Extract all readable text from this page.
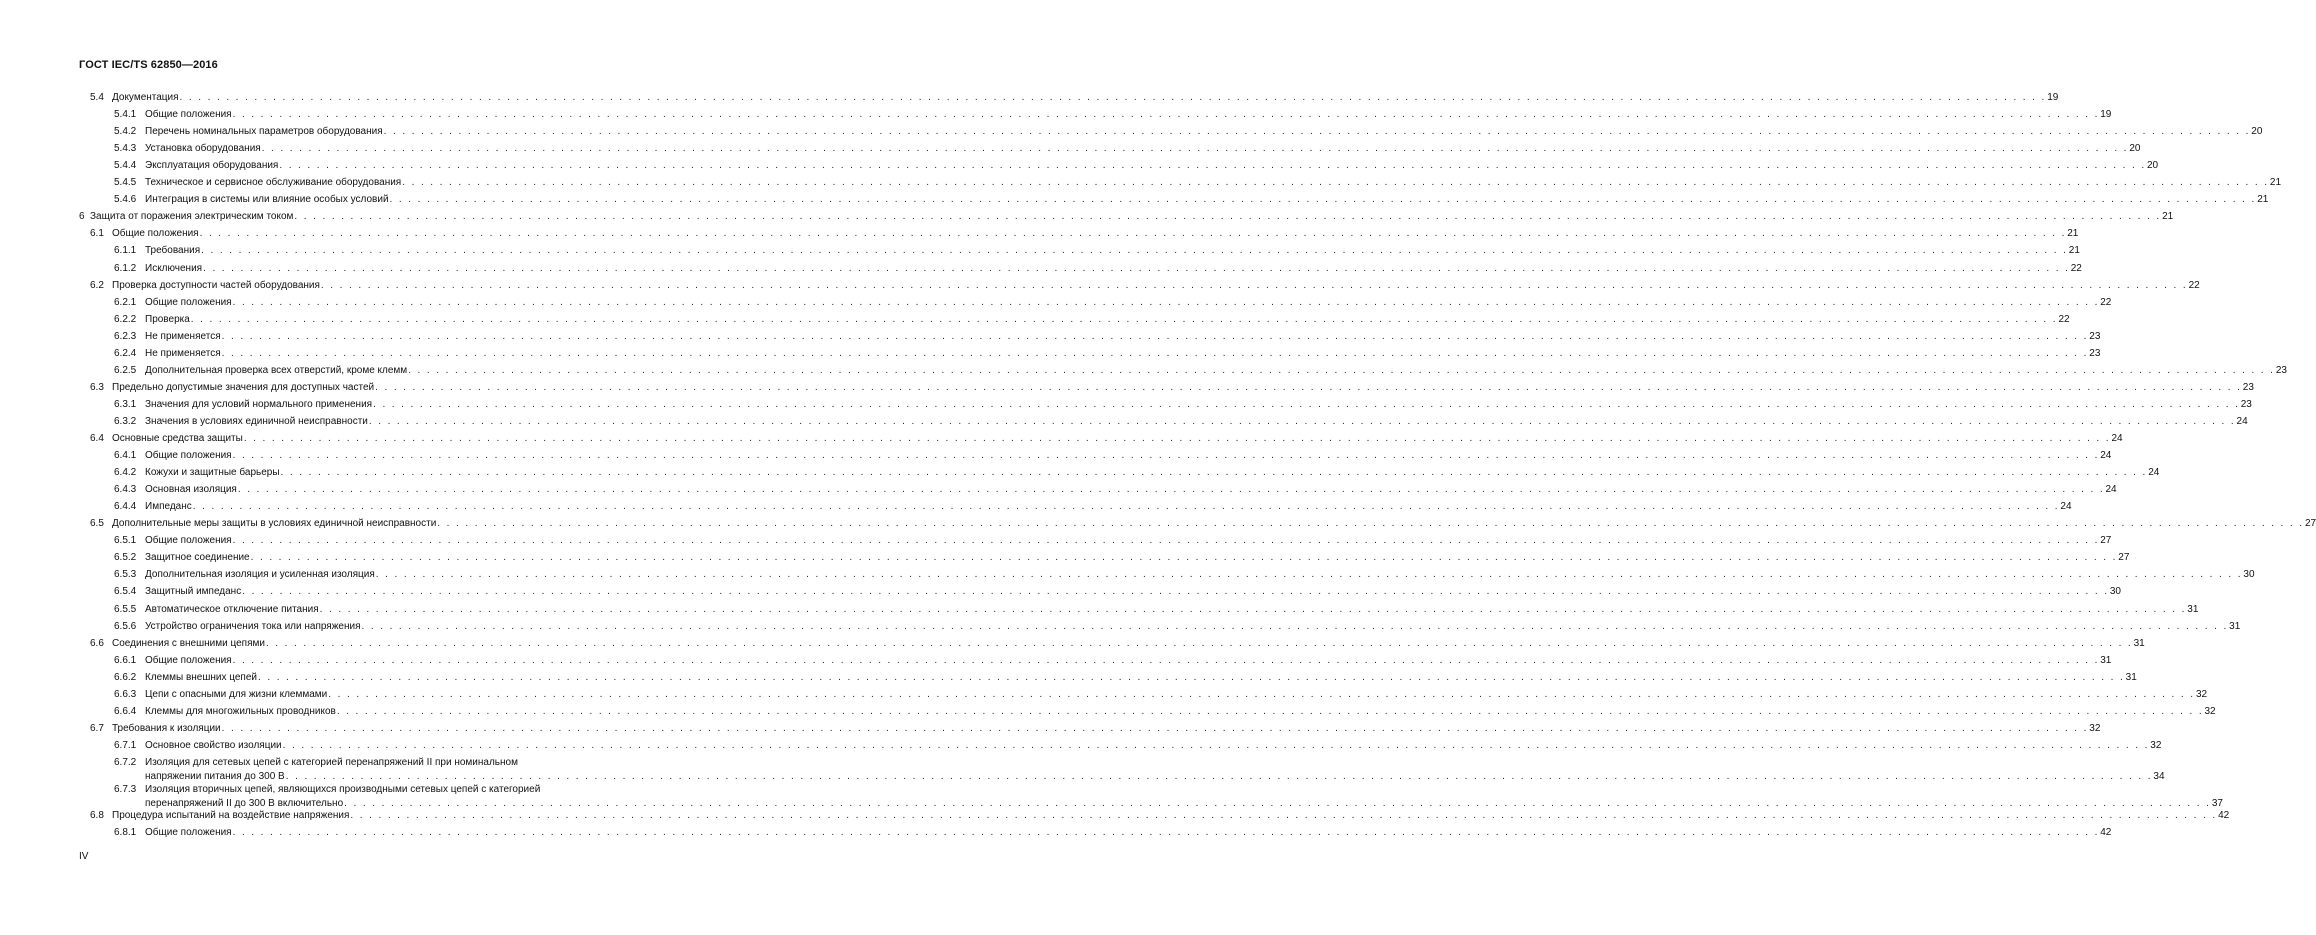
ГОСТ IEC/TS 62850—2016
5.4 Документация . . . . . . . . . . . . . . . . . . . . . . . . . . . . . . . . . . . . . . . . . . . . . . . . . . . . . . . . . . . . . . . . . . . . . . . . . . . . . . . . . . . . . . . . . . . . . . . . . . . . . . . . . . . . . . . . . . . . . . . . . . . . . . . . . . . . . . . . . . . . . . . . . . . . . . . . . . . . . . . . . . . . . . . . . . . . . . . . . . . . . . . . . . . . . . . . . . . . . . . . 19
5.4.1 Общие положения . . . . . . . . . . . . . . . . . . . . . . . . . . . . . . . . . . . . . . . . . . . . . . . . . . . . . . . . . . . . . . . . . . . . . . . . . . . . . . . . . . . . . . . . . . . . . . . . . . . . . . . . . . . . . . . . . . . . . . . . . . . . . . . . . . . . . . . . . . . . . . . . . . . . . . . . . . . . . . . . . . . . . . . . . . . . . . . . . . . . . . . . . . . . . . . . . . . . . . . . 19
5.4.2 Перечень номинальных параметров оборудования . . . . . . . . . . . . . . . . . . . . . . . . . . . . . . . . . . . . . . . . . . . . . . . . . . . . . . . . . . . . . . . . . . . . . . . . . . . . . . . . . . . . . . . . . . . . . . . . . . . . . . . . . . . . . . . . . . . . . . . . . . . . . . . . . . . . . . . . . . . . . . . . . . . . . . . . . . . . . . . . . . . . . . . . . . . . . . . . . . . . . . . . . . . . . . . . . . . . . . . . 20
5.4.3 Установка оборудования . . . . . . . . . . . . . . . . . . . . . . . . . . . . . . . . . . . . . . . . . . . . . . . . . . . . . . . . . . . . . . . . . . . . . . . . . . . . . . . . . . . . . . . . . . . . . . . . . . . . . . . . . . . . . . . . . . . . . . . . . . . . . . . . . . . . . . . . . . . . . . . . . . . . . . . . . . . . . . . . . . . . . . . . . . . . . . . . . . . . . . . . . . . . . . . . . . . . . . . . 20
5.4.4 Эксплуатация оборудования . . . . . . . . . . . . . . . . . . . . . . . . . . . . . . . . . . . . . . . . . . . . . . . . . . . . . . . . . . . . . . . . . . . . . . . . . . . . . . . . . . . . . . . . . . . . . . . . . . . . . . . . . . . . . . . . . . . . . . . . . . . . . . . . . . . . . . . . . . . . . . . . . . . . . . . . . . . . . . . . . . . . . . . . . . . . . . . . . . . . . . . . . . . . . . . . . . . . . . . . 20
5.4.5 Техническое и сервисное обслуживание оборудования . . . . . . . . . . . . . . . . . . . . . . . . . . . . . . . . . . . . . . . . . . . . . . . . . . . . . . . . . . . . . . . . . . . . . . . . . . . . . . . . . . . . . . . . . . . . . . . . . . . . . . . . . . . . . . . . . . . . . . . . . . . . . . . . . . . . . . . . . . . . . . . . . . . . . . . . . . . . . . . . . . . . . . . . . . . . . . . . . . . . . . . . . . . . . . . . . . . . . . . . 21
5.4.6 Интеграция в системы или влияние особых условий . . . . . . . . . . . . . . . . . . . . . . . . . . . . . . . . . . . . . . . . . . . . . . . . . . . . . . . . . . . . . . . . . . . . . . . . . . . . . . . . . . . . . . . . . . . . . . . . . . . . . . . . . . . . . . . . . . . . . . . . . . . . . . . . . . . . . . . . . . . . . . . . . . . . . . . . . . . . . . . . . . . . . . . . . . . . . . . . . . . . . . . . . . . . . . . . . . . . . . . . 21
6 Защита от поражения электрическим током . . . . . . . . . . . . . . . . . . . . . . . . . . . . . . . . . . . . . . . . . . . . . . . . . . . . . . . . . . . . . . . . . . . . . . . . . . . . . . . . . . . . . . . . . . . . . . . . . . . . . . . . . . . . . . . . . . . . . . . . . . . . . . . . . . . . . . . . . . . . . . . . . . . . . . . . . . . . . . . . . . . . . . . . . . . . . . . . . . . . . . . . . . . . . . . . . . . . . . . . 21
6.1 Общие положения . . . . . . . . . . . . . . . . . . . . . . . . . . . . . . . . . . . . . . . . . . . . . . . . . . . . . . . . . . . . . . . . . . . . . . . . . . . . . . . . . . . . . . . . . . . . . . . . . . . . . . . . . . . . . . . . . . . . . . . . . . . . . . . . . . . . . . . . . . . . . . . . . . . . . . . . . . . . . . . . . . . . . . . . . . . . . . . . . . . . . . . . . . . . . . . . . . . . . . . . 21
6.1.1 Требования . . . . . . . . . . . . . . . . . . . . . . . . . . . . . . . . . . . . . . . . . . . . . . . . . . . . . . . . . . . . . . . . . . . . . . . . . . . . . . . . . . . . . . . . . . . . . . . . . . . . . . . . . . . . . . . . . . . . . . . . . . . . . . . . . . . . . . . . . . . . . . . . . . . . . . . . . . . . . . . . . . . . . . . . . . . . . . . . . . . . . . . . . . . . . . . . . . . . . . . . 21
6.1.2 Исключения . . . . . . . . . . . . . . . . . . . . . . . . . . . . . . . . . . . . . . . . . . . . . . . . . . . . . . . . . . . . . . . . . . . . . . . . . . . . . . . . . . . . . . . . . . . . . . . . . . . . . . . . . . . . . . . . . . . . . . . . . . . . . . . . . . . . . . . . . . . . . . . . . . . . . . . . . . . . . . . . . . . . . . . . . . . . . . . . . . . . . . . . . . . . . . . . . . . . . . . . 22
6.2 Проверка доступности частей оборудования . . . . . . . . . . . . . . . . . . . . . . . . . . . . . . . . . . . . . . . . . . . . . . . . . . . . . . . . . . . . . . . . . . . . . . . . . . . . . . . . . . . . . . . . . . . . . . . . . . . . . . . . . . . . . . . . . . . . . . . . . . . . . . . . . . . . . . . . . . . . . . . . . . . . . . . . . . . . . . . . . . . . . . . . . . . . . . . . . . . . . . . . . . . . . . . . . . . . . . . . 22
6.2.1 Общие положения . . . . . . . . . . . . . . . . . . . . . . . . . . . . . . . . . . . . . . . . . . . . . . . . . . . . . . . . . . . . . . . . . . . . . . . . . . . . . . . . . . . . . . . . . . . . . . . . . . . . . . . . . . . . . . . . . . . . . . . . . . . . . . . . . . . . . . . . . . . . . . . . . . . . . . . . . . . . . . . . . . . . . . . . . . . . . . . . . . . . . . . . . . . . . . . . . . . . . . . . 22
6.2.2 Проверка . . . . . . . . . . . . . . . . . . . . . . . . . . . . . . . . . . . . . . . . . . . . . . . . . . . . . . . . . . . . . . . . . . . . . . . . . . . . . . . . . . . . . . . . . . . . . . . . . . . . . . . . . . . . . . . . . . . . . . . . . . . . . . . . . . . . . . . . . . . . . . . . . . . . . . . . . . . . . . . . . . . . . . . . . . . . . . . . . . . . . . . . . . . . . . . . . . . . . . . . 22
6.2.3 Не применяется . . . . . . . . . . . . . . . . . . . . . . . . . . . . . . . . . . . . . . . . . . . . . . . . . . . . . . . . . . . . . . . . . . . . . . . . . . . . . . . . . . . . . . . . . . . . . . . . . . . . . . . . . . . . . . . . . . . . . . . . . . . . . . . . . . . . . . . . . . . . . . . . . . . . . . . . . . . . . . . . . . . . . . . . . . . . . . . . . . . . . . . . . . . . . . . . . . . . . . . . 23
6.2.4 Не применяется . . . . . . . . . . . . . . . . . . . . . . . . . . . . . . . . . . . . . . . . . . . . . . . . . . . . . . . . . . . . . . . . . . . . . . . . . . . . . . . . . . . . . . . . . . . . . . . . . . . . . . . . . . . . . . . . . . . . . . . . . . . . . . . . . . . . . . . . . . . . . . . . . . . . . . . . . . . . . . . . . . . . . . . . . . . . . . . . . . . . . . . . . . . . . . . . . . . . . . . . 23
6.2.5 Дополнительная проверка всех отверстий, кроме клемм . . . . . . . . . . . . . . . . . . . . . . . . . . . . . . . . . . . . . . . . . . . . . . . . . . . . . . . . . . . . . . . . . . . . . . . . . . . . . . . . . . . . . . . . . . . . . . . . . . . . . . . . . . . . . . . . . . . . . . . . . . . . . . . . . . . . . . . . . . . . . . . . . . . . . . . . . . . . . . . . . . . . . . . . . . . . . . . . . . . . . . . . . . . . . . . . . . . . . . . . 23
6.3 Предельно допустимые значения для доступных частей . . . . . . . . . . . . . . . . . . . . . . . . . . . . . . . . . . . . . . . . . . . . . . . . . . . . . . . . . . . . . . . . . . . . . . . . . . . . . . . . . . . . . . . . . . . . . . . . . . . . . . . . . . . . . . . . . . . . . . . . . . . . . . . . . . . . . . . . . . . . . . . . . . . . . . . . . . . . . . . . . . . . . . . . . . . . . . . . . . . . . . . . . . . . . . . . . . . . . . . . 23
6.3.1 Значения для условий нормального применения . . . . . . . . . . . . . . . . . . . . . . . . . . . . . . . . . . . . . . . . . . . . . . . . . . . . . . . . . . . . . . . . . . . . . . . . . . . . . . . . . . . . . . . . . . . . . . . . . . . . . . . . . . . . . . . . . . . . . . . . . . . . . . . . . . . . . . . . . . . . . . . . . . . . . . . . . . . . . . . . . . . . . . . . . . . . . . . . . . . . . . . . . . . . . . . . . . . . . . . . 23
6.3.2 Значения в условиях единичной неисправности . . . . . . . . . . . . . . . . . . . . . . . . . . . . . . . . . . . . . . . . . . . . . . . . . . . . . . . . . . . . . . . . . . . . . . . . . . . . . . . . . . . . . . . . . . . . . . . . . . . . . . . . . . . . . . . . . . . . . . . . . . . . . . . . . . . . . . . . . . . . . . . . . . . . . . . . . . . . . . . . . . . . . . . . . . . . . . . . . . . . . . . . . . . . . . . . . . . . . . . . 24
6.4 Основные средства защиты . . . . . . . . . . . . . . . . . . . . . . . . . . . . . . . . . . . . . . . . . . . . . . . . . . . . . . . . . . . . . . . . . . . . . . . . . . . . . . . . . . . . . . . . . . . . . . . . . . . . . . . . . . . . . . . . . . . . . . . . . . . . . . . . . . . . . . . . . . . . . . . . . . . . . . . . . . . . . . . . . . . . . . . . . . . . . . . . . . . . . . . . . . . . . . . . . . . . . . . . 24
6.4.1 Общие положения . . . . . . . . . . . . . . . . . . . . . . . . . . . . . . . . . . . . . . . . . . . . . . . . . . . . . . . . . . . . . . . . . . . . . . . . . . . . . . . . . . . . . . . . . . . . . . . . . . . . . . . . . . . . . . . . . . . . . . . . . . . . . . . . . . . . . . . . . . . . . . . . . . . . . . . . . . . . . . . . . . . . . . . . . . . . . . . . . . . . . . . . . . . . . . . . . . . . . . . . 24
6.4.2 Кожухи и защитные барьеры . . . . . . . . . . . . . . . . . . . . . . . . . . . . . . . . . . . . . . . . . . . . . . . . . . . . . . . . . . . . . . . . . . . . . . . . . . . . . . . . . . . . . . . . . . . . . . . . . . . . . . . . . . . . . . . . . . . . . . . . . . . . . . . . . . . . . . . . . . . . . . . . . . . . . . . . . . . . . . . . . . . . . . . . . . . . . . . . . . . . . . . . . . . . . . . . . . . . . . . . 24
6.4.3 Основная изоляция . . . . . . . . . . . . . . . . . . . . . . . . . . . . . . . . . . . . . . . . . . . . . . . . . . . . . . . . . . . . . . . . . . . . . . . . . . . . . . . . . . . . . . . . . . . . . . . . . . . . . . . . . . . . . . . . . . . . . . . . . . . . . . . . . . . . . . . . . . . . . . . . . . . . . . . . . . . . . . . . . . . . . . . . . . . . . . . . . . . . . . . . . . . . . . . . . . . . . . . . 24
6.4.4 Импеданс . . . . . . . . . . . . . . . . . . . . . . . . . . . . . . . . . . . . . . . . . . . . . . . . . . . . . . . . . . . . . . . . . . . . . . . . . . . . . . . . . . . . . . . . . . . . . . . . . . . . . . . . . . . . . . . . . . . . . . . . . . . . . . . . . . . . . . . . . . . . . . . . . . . . . . . . . . . . . . . . . . . . . . . . . . . . . . . . . . . . . . . . . . . . . . . . . . . . . . . . 24
6.5 Дополнительные меры защиты в условиях единичной неисправности . . . . . . . . . . . . . . . . . . . . . . . . . . . . . . . . . . . . . . . . . . . . . . . . . . . . . . . . . . . . . . . . . . . . . . . . . . . . . . . . . . . . . . . . . . . . . . . . . . . . . . . . . . . . . . . . . . . . . . . . . . . . . . . . . . . . . . . . . . . . . . . . . . . . . . . . . . . . . . . . . . . . . . . . . . . . . . . . . . . . . . . . . . . . . . . . . . . . . . . . 27
6.5.1 Общие положения . . . . . . . . . . . . . . . . . . . . . . . . . . . . . . . . . . . . . . . . . . . . . . . . . . . . . . . . . . . . . . . . . . . . . . . . . . . . . . . . . . . . . . . . . . . . . . . . . . . . . . . . . . . . . . . . . . . . . . . . . . . . . . . . . . . . . . . . . . . . . . . . . . . . . . . . . . . . . . . . . . . . . . . . . . . . . . . . . . . . . . . . . . . . . . . . . . . . . . . . 27
6.5.2 Защитное соединение . . . . . . . . . . . . . . . . . . . . . . . . . . . . . . . . . . . . . . . . . . . . . . . . . . . . . . . . . . . . . . . . . . . . . . . . . . . . . . . . . . . . . . . . . . . . . . . . . . . . . . . . . . . . . . . . . . . . . . . . . . . . . . . . . . . . . . . . . . . . . . . . . . . . . . . . . . . . . . . . . . . . . . . . . . . . . . . . . . . . . . . . . . . . . . . . . . . . . . . . 27
6.5.3 Дополнительная изоляция и усиленная изоляция . . . . . . . . . . . . . . . . . . . . . . . . . . . . . . . . . . . . . . . . . . . . . . . . . . . . . . . . . . . . . . . . . . . . . . . . . . . . . . . . . . . . . . . . . . . . . . . . . . . . . . . . . . . . . . . . . . . . . . . . . . . . . . . . . . . . . . . . . . . . . . . . . . . . . . . . . . . . . . . . . . . . . . . . . . . . . . . . . . . . . . . . . . . . . . . . . . . . . . . . 30
6.5.4 Защитный импеданс . . . . . . . . . . . . . . . . . . . . . . . . . . . . . . . . . . . . . . . . . . . . . . . . . . . . . . . . . . . . . . . . . . . . . . . . . . . . . . . . . . . . . . . . . . . . . . . . . . . . . . . . . . . . . . . . . . . . . . . . . . . . . . . . . . . . . . . . . . . . . . . . . . . . . . . . . . . . . . . . . . . . . . . . . . . . . . . . . . . . . . . . . . . . . . . . . . . . . . . . 30
6.5.5 Автоматическое отключение питания . . . . . . . . . . . . . . . . . . . . . . . . . . . . . . . . . . . . . . . . . . . . . . . . . . . . . . . . . . . . . . . . . . . . . . . . . . . . . . . . . . . . . . . . . . . . . . . . . . . . . . . . . . . . . . . . . . . . . . . . . . . . . . . . . . . . . . . . . . . . . . . . . . . . . . . . . . . . . . . . . . . . . . . . . . . . . . . . . . . . . . . . . . . . . . . . . . . . . . . . 31
6.5.6 Устройство ограничения тока или напряжения . . . . . . . . . . . . . . . . . . . . . . . . . . . . . . . . . . . . . . . . . . . . . . . . . . . . . . . . . . . . . . . . . . . . . . . . . . . . . . . . . . . . . . . . . . . . . . . . . . . . . . . . . . . . . . . . . . . . . . . . . . . . . . . . . . . . . . . . . . . . . . . . . . . . . . . . . . . . . . . . . . . . . . . . . . . . . . . . . . . . . . . . . . . . . . . . . . . . . . . . 31
6.6 Соединения с внешними цепями . . . . . . . . . . . . . . . . . . . . . . . . . . . . . . . . . . . . . . . . . . . . . . . . . . . . . . . . . . . . . . . . . . . . . . . . . . . . . . . . . . . . . . . . . . . . . . . . . . . . . . . . . . . . . . . . . . . . . . . . . . . . . . . . . . . . . . . . . . . . . . . . . . . . . . . . . . . . . . . . . . . . . . . . . . . . . . . . . . . . . . . . . . . . . . . . . . . . . . . . 31
6.6.1 Общие положения . . . . . . . . . . . . . . . . . . . . . . . . . . . . . . . . . . . . . . . . . . . . . . . . . . . . . . . . . . . . . . . . . . . . . . . . . . . . . . . . . . . . . . . . . . . . . . . . . . . . . . . . . . . . . . . . . . . . . . . . . . . . . . . . . . . . . . . . . . . . . . . . . . . . . . . . . . . . . . . . . . . . . . . . . . . . . . . . . . . . . . . . . . . . . . . . . . . . . . . . 31
6.6.2 Клеммы внешних цепей . . . . . . . . . . . . . . . . . . . . . . . . . . . . . . . . . . . . . . . . . . . . . . . . . . . . . . . . . . . . . . . . . . . . . . . . . . . . . . . . . . . . . . . . . . . . . . . . . . . . . . . . . . . . . . . . . . . . . . . . . . . . . . . . . . . . . . . . . . . . . . . . . . . . . . . . . . . . . . . . . . . . . . . . . . . . . . . . . . . . . . . . . . . . . . . . . . . . . . . . 31
6.6.3 Цепи с опасными для жизни клеммами . . . . . . . . . . . . . . . . . . . . . . . . . . . . . . . . . . . . . . . . . . . . . . . . . . . . . . . . . . . . . . . . . . . . . . . . . . . . . . . . . . . . . . . . . . . . . . . . . . . . . . . . . . . . . . . . . . . . . . . . . . . . . . . . . . . . . . . . . . . . . . . . . . . . . . . . . . . . . . . . . . . . . . . . . . . . . . . . . . . . . . . . . . . . . . . . . . . . . . . . 32
6.6.4 Клеммы для многожильных проводников . . . . . . . . . . . . . . . . . . . . . . . . . . . . . . . . . . . . . . . . . . . . . . . . . . . . . . . . . . . . . . . . . . . . . . . . . . . . . . . . . . . . . . . . . . . . . . . . . . . . . . . . . . . . . . . . . . . . . . . . . . . . . . . . . . . . . . . . . . . . . . . . . . . . . . . . . . . . . . . . . . . . . . . . . . . . . . . . . . . . . . . . . . . . . . . . . . . . . . . . 32
6.7 Требования к изоляции . . . . . . . . . . . . . . . . . . . . . . . . . . . . . . . . . . . . . . . . . . . . . . . . . . . . . . . . . . . . . . . . . . . . . . . . . . . . . . . . . . . . . . . . . . . . . . . . . . . . . . . . . . . . . . . . . . . . . . . . . . . . . . . . . . . . . . . . . . . . . . . . . . . . . . . . . . . . . . . . . . . . . . . . . . . . . . . . . . . . . . . . . . . . . . . . . . . . . . . . 32
6.7.1 Основное свойство изоляции . . . . . . . . . . . . . . . . . . . . . . . . . . . . . . . . . . . . . . . . . . . . . . . . . . . . . . . . . . . . . . . . . . . . . . . . . . . . . . . . . . . . . . . . . . . . . . . . . . . . . . . . . . . . . . . . . . . . . . . . . . . . . . . . . . . . . . . . . . . . . . . . . . . . . . . . . . . . . . . . . . . . . . . . . . . . . . . . . . . . . . . . . . . . . . . . . . . . . . . . 32
6.7.2 Изоляция для сетевых цепей с категорией перенапряжений II при номинальном
напряжении питания до 300 В . . . . . . . . . . . . . . . . . . . . . . . . . . . . . . . . . . . . . . . . . . . . . . . . . . . . . . . . . . . . . . . . . . . . . . . . . . . . . . . . . . . . . . . . . . . . . . . . . . . . . . . . . . . . . . . . . . . . . . . . . . . . . . . . . . . . . . . . . . . . . . . . . . . . . . . . . . . . . . . . . . . . . . . . . . . . . . . . . . . . . . . . . . . . . . . . . . . . . . . . 34
6.7.3 Изоляция вторичных цепей, являющихся производными сетевых цепей с категорией
перенапряжений II до 300 В включительно . . . . . . . . . . . . . . . . . . . . . . . . . . . . . . . . . . . . . . . . . . . . . . . . . . . . . . . . . . . . . . . . . . . . . . . . . . . . . . . . . . . . . . . . . . . . . . . . . . . . . . . . . . . . . . . . . . . . . . . . . . . . . . . . . . . . . . . . . . . . . . . . . . . . . . . . . . . . . . . . . . . . . . . . . . . . . . . . . . . . . . . . . . . . . . . . . . . . . . . . 37
6.8 Процедура испытаний на воздействие напряжения . . . . . . . . . . . . . . . . . . . . . . . . . . . . . . . . . . . . . . . . . . . . . . . . . . . . . . . . . . . . . . . . . . . . . . . . . . . . . . . . . . . . . . . . . . . . . . . . . . . . . . . . . . . . . . . . . . . . . . . . . . . . . . . . . . . . . . . . . . . . . . . . . . . . . . . . . . . . . . . . . . . . . . . . . . . . . . . . . . . . . . . . . . . . . . . . . . . . . . . . 42
6.8.1 Общие положения . . . . . . . . . . . . . . . . . . . . . . . . . . . . . . . . . . . . . . . . . . . . . . . . . . . . . . . . . . . . . . . . . . . . . . . . . . . . . . . . . . . . . . . . . . . . . . . . . . . . . . . . . . . . . . . . . . . . . . . . . . . . . . . . . . . . . . . . . . . . . . . . . . . . . . . . . . . . . . . . . . . . . . . . . . . . . . . . . . . . . . . . . . . . . . . . . . . . . . . . 42
IV
